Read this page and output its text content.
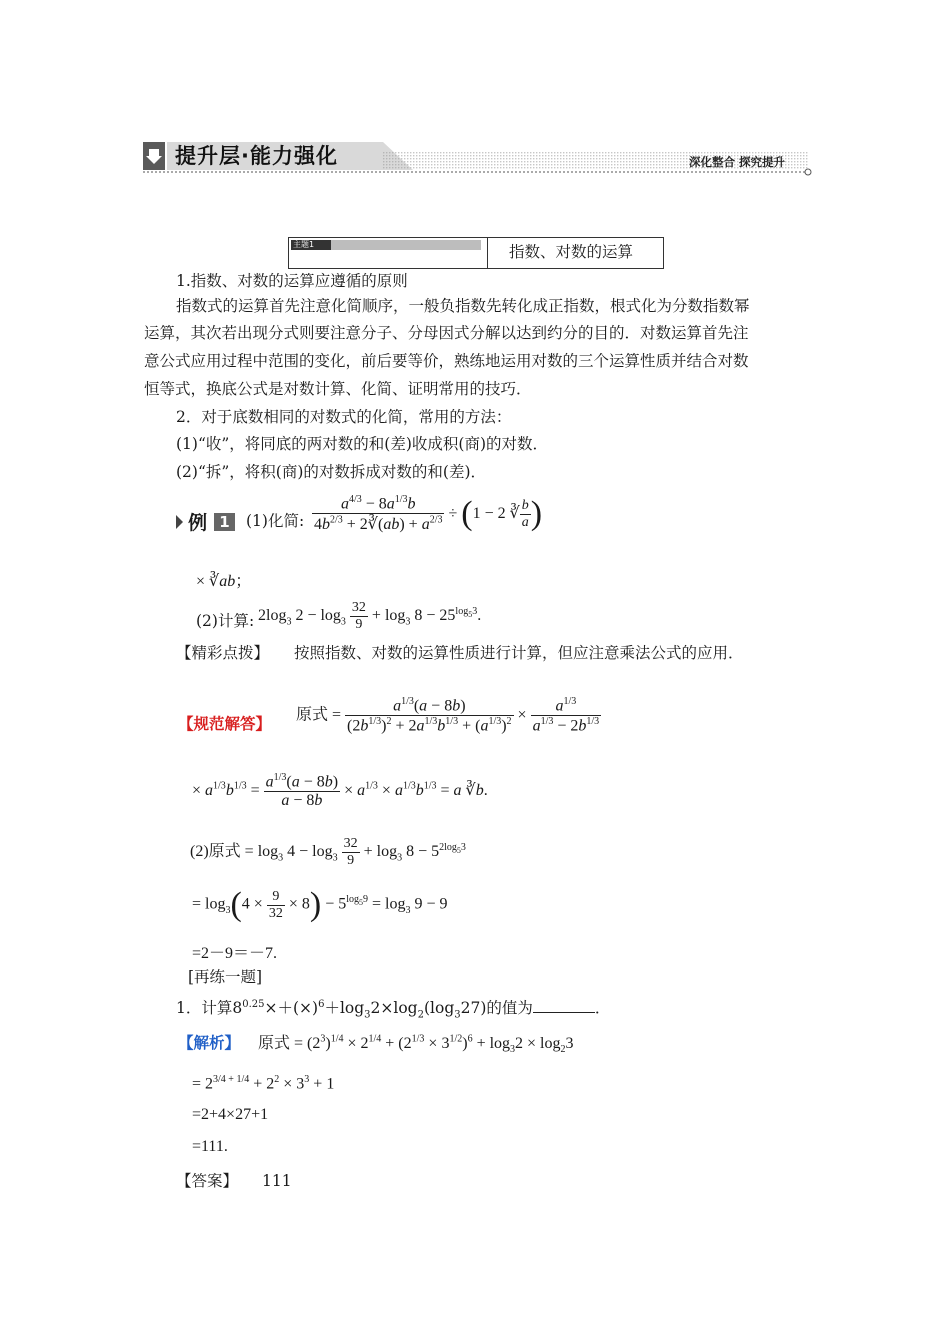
提升层·能力强化	深化整合 探究提升
主题1	指数、对数的运算
1.指数、对数的运算应遵循的原则
指数式的运算首先注意化简顺序，一般负指数先转化成正指数，根式化为分数指数幂
运算，其次若出现分式则要注意分子、分母因式分解以达到约分的目的．对数运算首先注
意公式应用过程中范围的变化，前后要等价，熟练地运用对数的三个运算性质并结合对数
恒等式，换底公式是对数计算、化简、证明常用的技巧．
2．对于底数相同的对数式的化简，常用的方法：
(1)“收”，将同底的两对数的和(差)收成积(商)的对数．
(2)“拆”，将积(商)的对数拆成对数的和(差)．
例 1	(1)化简: $\frac{a^{4/3} - 8a^{1/3}b}{4b^{2/3} + 2∛(ab) + a^{2/3}} \div (1 - 2$ ∛ $\frac{b}{a}$ )
× ∛ab；
(2)计算: $2\log_3$ $2 - \log_3 \frac{32}{9} + \log_3 8 - 25^{log_53}$.
【精彩点拨】 按照指数、对数的运算性质进行计算，但应注意乘法公式的应用．
【规范解答】 原式 = $\frac{a^{1/3}(a - 8b)}{(2b^{1/3})^2 + 2a^{1/3}b^{1/3} + (a^{1/3})^2} \times \frac{a^{1/3}}{a^{1/3} - 2b^{1/3}}$
× $a^{1/3}b^{1/3} = \frac{a^{1/3}(a - 8b)}{a - 8b} \times a^{1/3} \times a^{1/3}b^{1/3} = a$ ∛b.
(2)原式 = $\log_3 4 - \log_3 \frac{32}{9} + \log_3 8 - 5^{2log_53}$
= $\log_3(4 \times \frac{9}{32} \times 8) - 5^{log_59} = \log_3 9 - 9$
=2－9＝－7.
[再练一题]
1．计算$8^{0.25}\times+(\times)^6+\log_32\times\log_2(\log_327)$的值为	．
【解析】 原式 = $(2^3)^{1/4} \times 2^{1/4} + (2^{1/3} \times 3^{1/2})^6 + \log_32 \times \log_23$
= $2^{3/4 + 1/4} + 2^2 \times 3^3 + 1$
=2+4×27+1
=111.
【答案】 111
